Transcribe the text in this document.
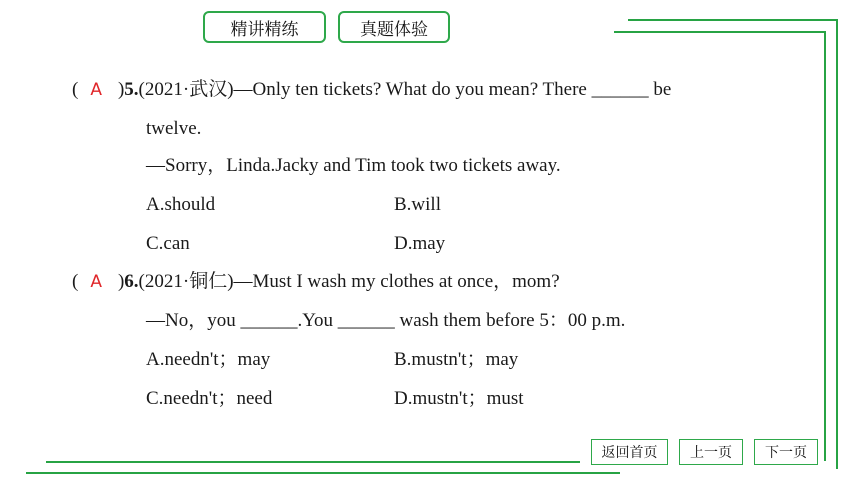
精讲精练	真题体验
( A )5.(2021·武汉)—Only ten tickets? What do you mean? There ______ be
twelve.
—Sorry，Linda.Jacky and Tim took two tickets away.
A.should	B.will
C.can	D.may
( A )6.(2021·铜仁)—Must I wash my clothes at once，mom?
—No，you ______.You ______ wash them before 5：00 p.m.
A.needn't；may	B.mustn't；may
C.needn't；need	D.mustn't；must
返回首页	上一页	下一页
